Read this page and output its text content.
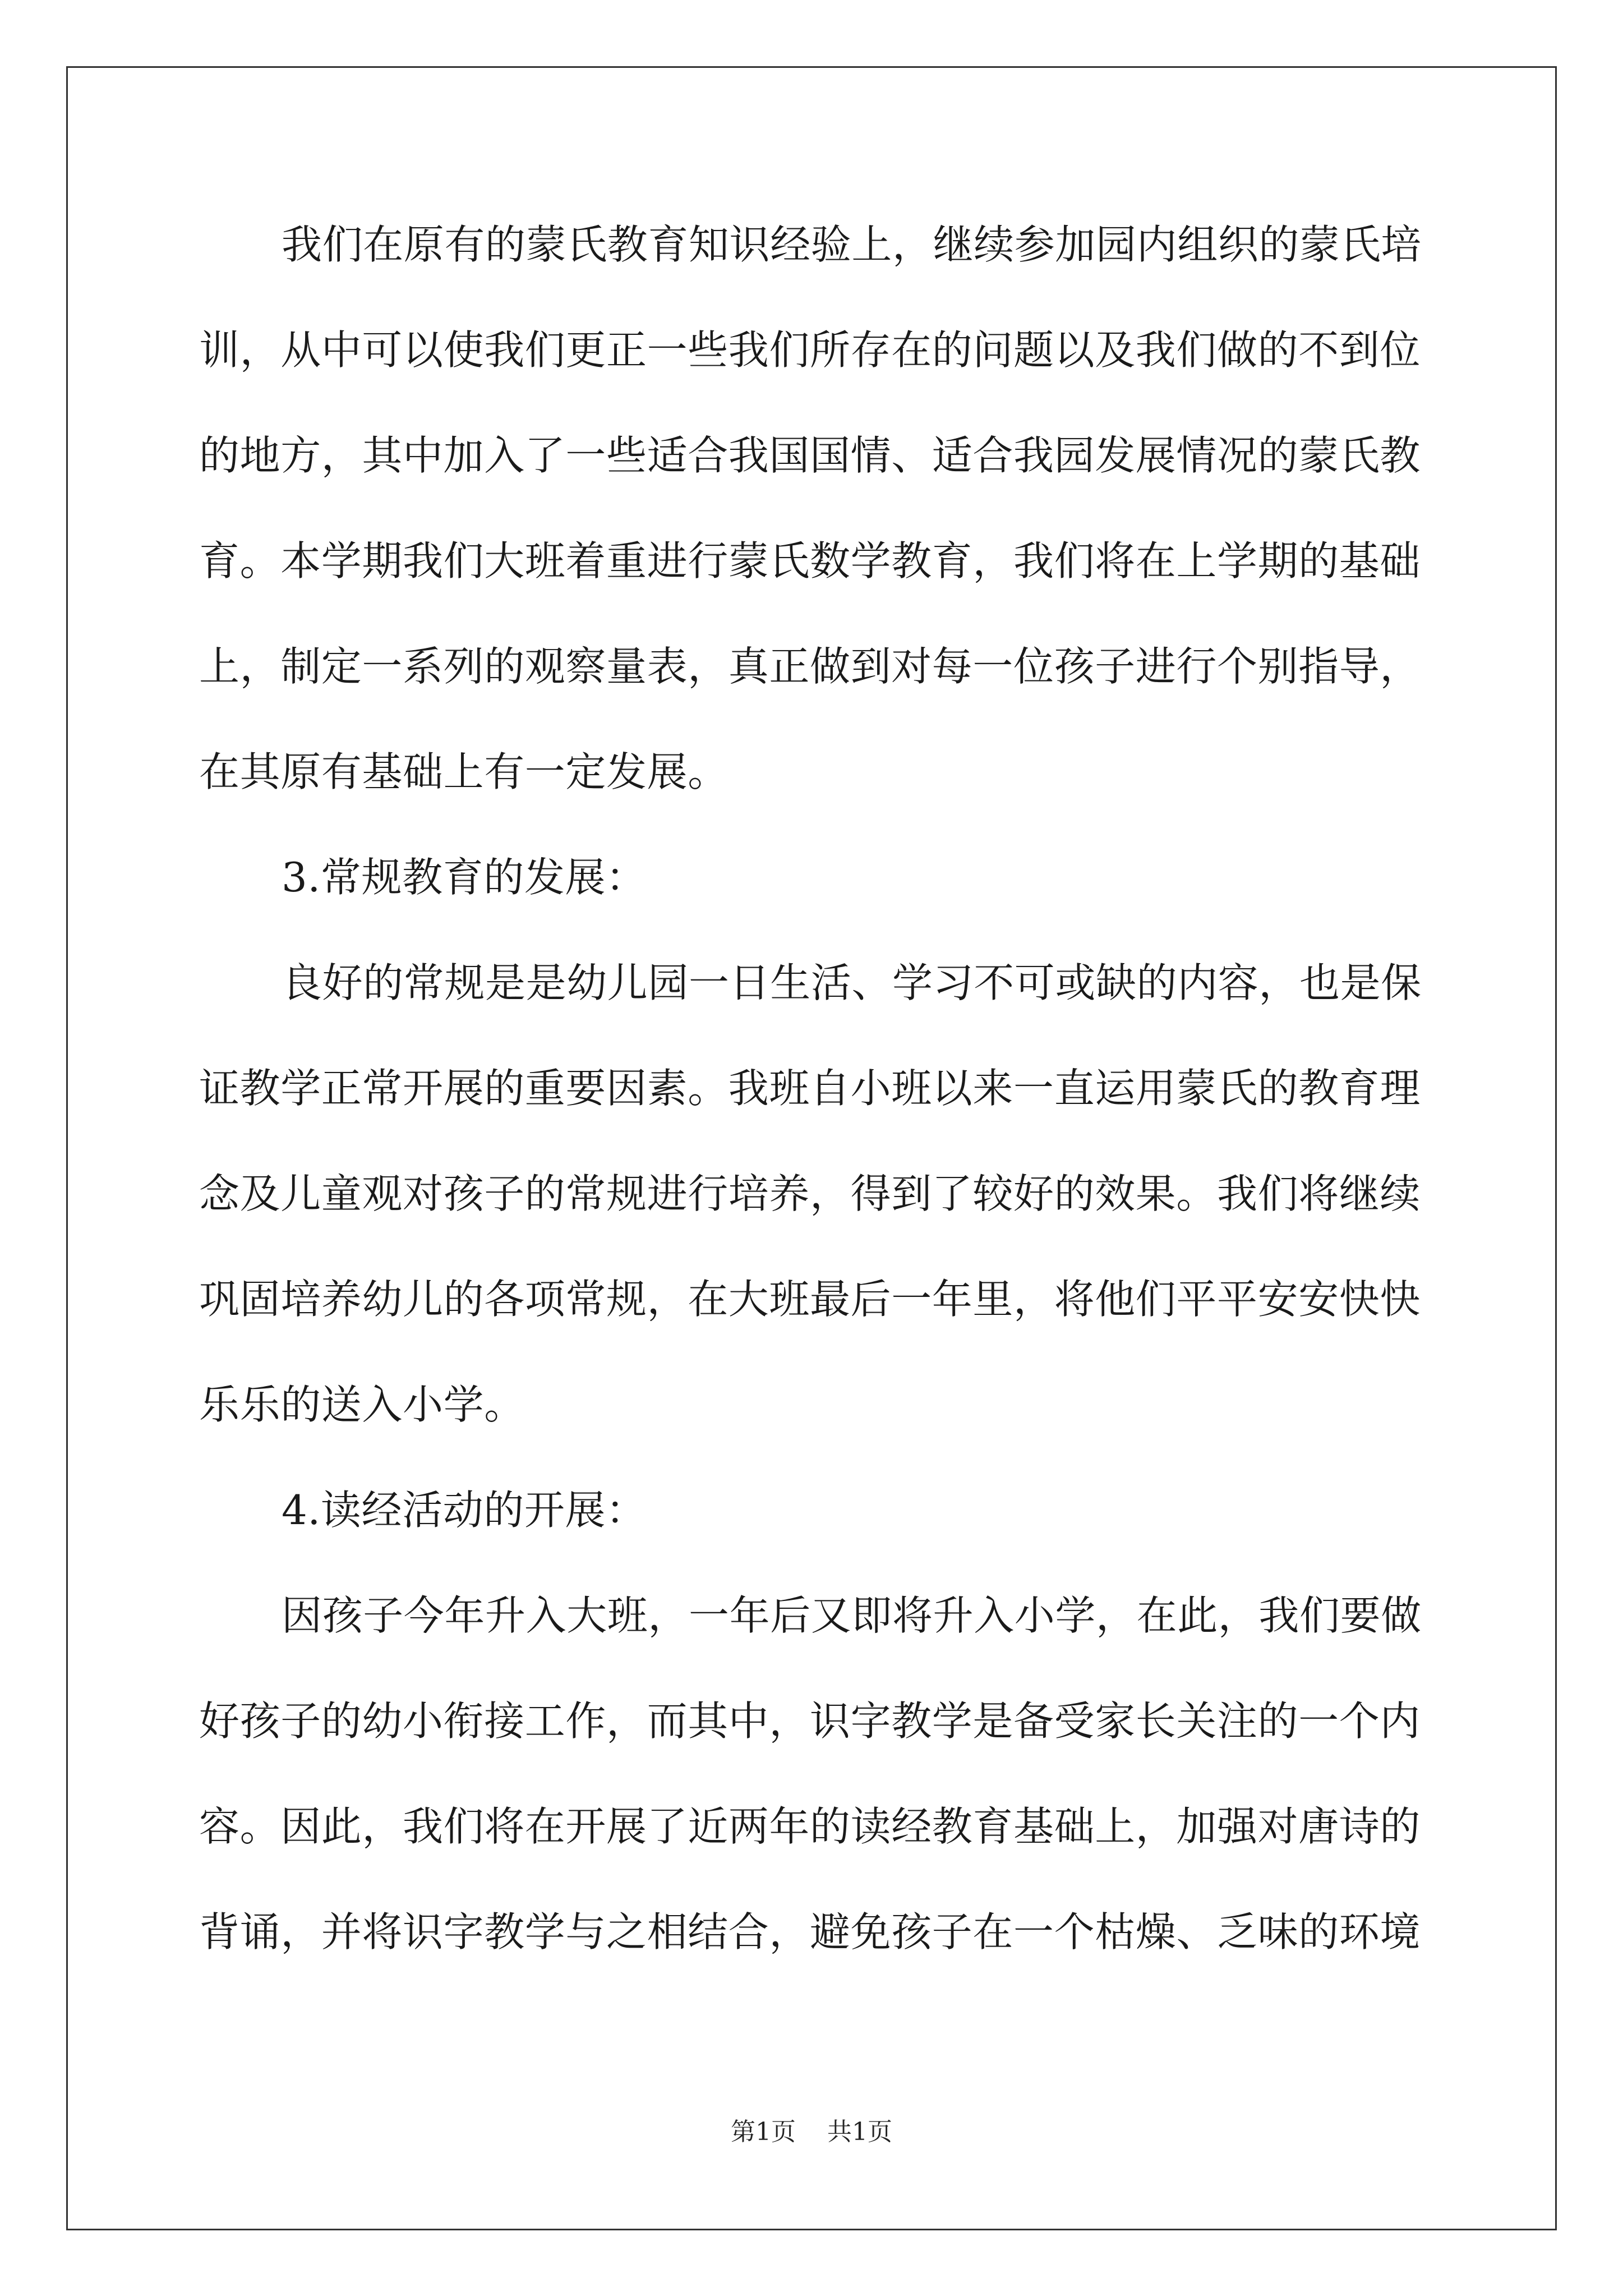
我们在原有的蒙氏教育知识经验上，继续参加园内组织的蒙氏培
训，从中可以使我们更正一些我们所存在的问题以及我们做的不到位
的地方，其中加入了一些适合我国国情、适合我园发展情况的蒙氏教
育。本学期我们大班着重进行蒙氏数学教育，我们将在上学期的基础
上，制定一系列的观察量表，真正做到对每一位孩子进行个别指导，
在其原有基础上有一定发展。
3.常规教育的发展：
良好的常规是是幼儿园一日生活、学习不可或缺的内容，也是保
证教学正常开展的重要因素。我班自小班以来一直运用蒙氏的教育理
念及儿童观对孩子的常规进行培养，得到了较好的效果。我们将继续
巩固培养幼儿的各项常规，在大班最后一年里，将他们平平安安快快
乐乐的送入小学。
4.读经活动的开展：
因孩子今年升入大班，一年后又即将升入小学，在此，我们要做
好孩子的幼小衔接工作，而其中，识字教学是备受家长关注的一个内
容。因此，我们将在开展了近两年的读经教育基础上，加强对唐诗的
背诵，并将识字教学与之相结合，避免孩子在一个枯燥、乏味的环境
第1页 共1页
